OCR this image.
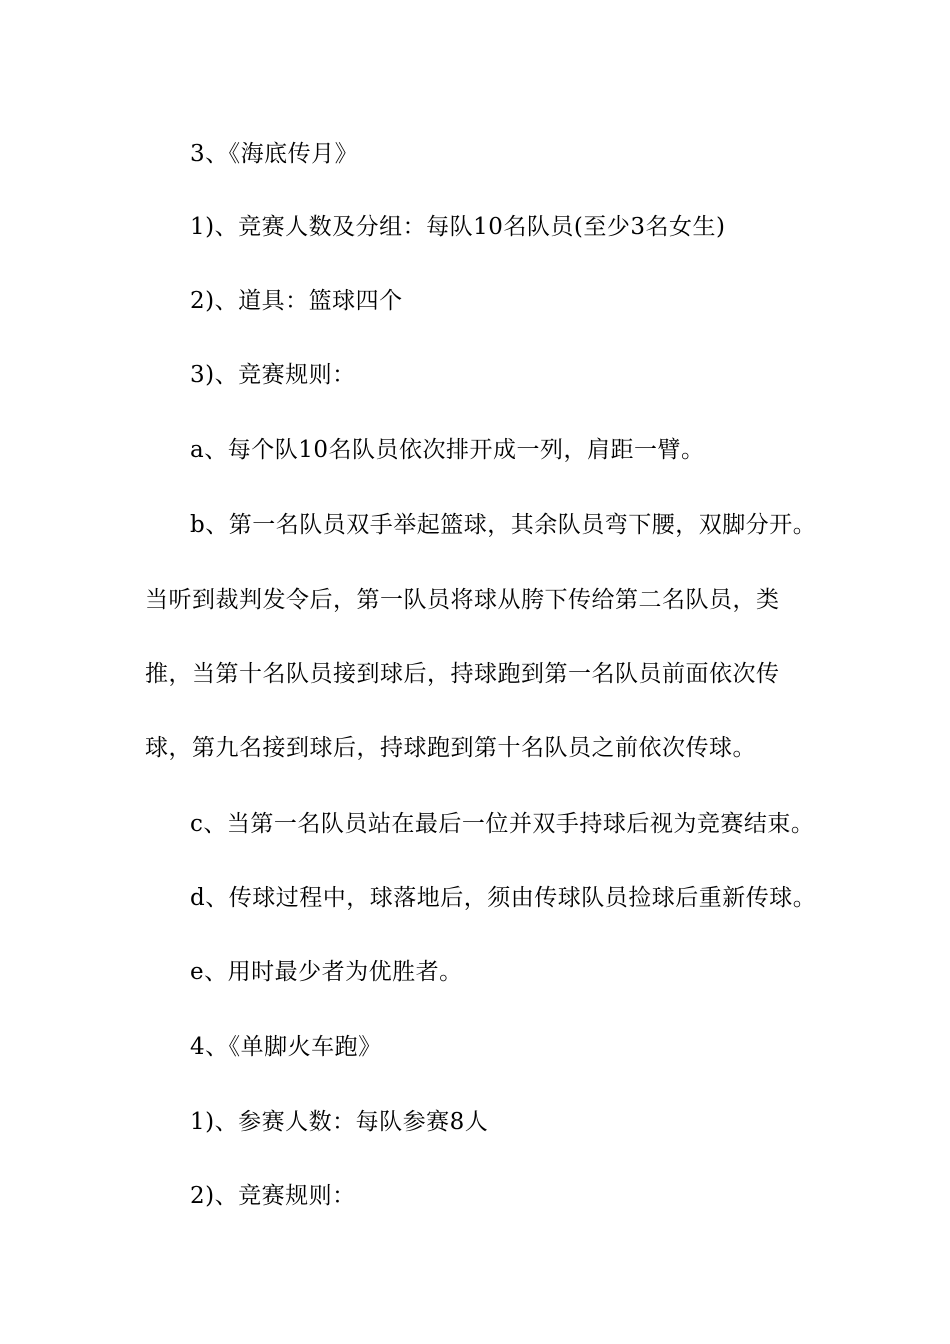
3、《海底传月》
1)、竞赛人数及分组：每队10名队员(至少3名女生)
2)、道具：篮球四个
3)、竞赛规则：
a、每个队10名队员依次排开成一列，肩距一臂。
b、第一名队员双手举起篮球，其余队员弯下腰，双脚分开。
当听到裁判发令后，第一队员将球从胯下传给第二名队员，类
推，当第十名队员接到球后，持球跑到第一名队员前面依次传
球，第九名接到球后，持球跑到第十名队员之前依次传球。
c、当第一名队员站在最后一位并双手持球后视为竞赛结束。
d、传球过程中，球落地后，须由传球队员捡球后重新传球。
e、用时最少者为优胜者。
4、《单脚火车跑》
1)、参赛人数：每队参赛8人
2)、竞赛规则：
